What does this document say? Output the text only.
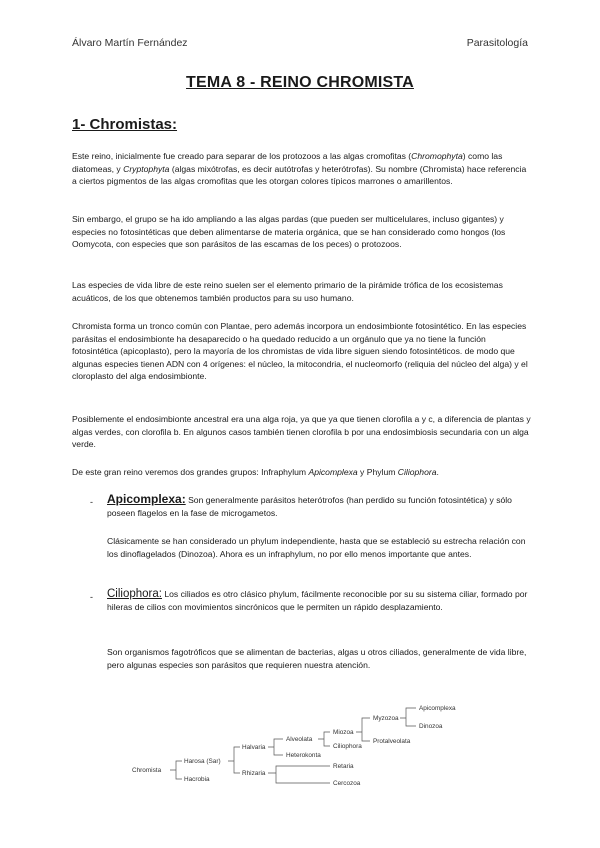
Álvaro Martín Fernández	Parasitología
TEMA 8 - REINO CHROMISTA
1- Chromistas:

Este reino, inicialmente fue creado para separar de los protozoos a las algas cromofitas (Chromophyta) como las diatomeas, y Cryptophyta (algas mixótrofas, es decir autótrofas y heterótrofas). Su nombre (Chromista) hace referencia a ciertos pigmentos de las algas cromofitas que les otorgan colores típicos marrones o amarillentos.

Sin embargo, el grupo se ha ido ampliando a las algas pardas (que pueden ser multicelulares, incluso gigantes) y especies no fotosintéticas que deben alimentarse de materia orgánica, que se han considerado como hongos (los Oomycota, con especies que son parásitos de las escamas de los peces) o protozoos.

Las especies de vida libre de este reino suelen ser el elemento primario de la pirámide trófica de los ecosistemas acuáticos, de los que obtenemos también productos para su uso humano.

Chromista forma un tronco común con Plantae, pero además incorpora un endosimbionte fotosintético. En las especies parásitas el endosimbionte ha desaparecido o ha quedado reducido a un orgánulo que ya no tiene la función fotosintética (apicoplasto), pero la mayoría de los chromistas de vida libre siguen siendo fotosintéticos. de modo que algunas especies tienen ADN con 4 orígenes: el núcleo, la mitocondria, el nucleomorfo (reliquia del núcleo del alga) y el cloroplasto del alga endosimbionte.

Posiblemente el endosimbionte ancestral era una alga roja, ya que ya que tienen clorofila a y c, a diferencia de plantas y algas verdes, con clorofila b. En algunos casos también tienen clorofila b por una endosimbiosis secundaria con un alga verde.

De este gran reino veremos dos grandes grupos: Infraphylum Apicomplexa y Phylum Ciliophora.

- Apicomplexa: Son generalmente parásitos heterótrofos (han perdido su función fotosintética) y sólo poseen flagelos en la fase de microgametos.

Clásicamente se han considerado un phylum independiente, hasta que se estableció su estrecha relación con los dinoflagelados (Dinozoa). Ahora es un infraphylum, no por ello menos importante que antes.

- Ciliophora: Los ciliados es otro clásico phylum, fácilmente reconocible por su su sistema ciliar, formado por hileras de cilios con movimientos sincrónicos que le permiten un rápido desplazamiento.

Son organismos fagotróficos que se alimentan de bacterias, algas u otros ciliados, generalmente de vida libre, pero algunas especies son parásitos que requieren nuestra atención.

Chromista
Harosa (Sar)
Hacrobia
Halvaria
Rhizaria
Alveolata
Heterokonta
Miozoa
Ciliophora
Myzozoa
Protalveolata
Apicomplexa
Dinozoa
Retaria
Cercozoa
